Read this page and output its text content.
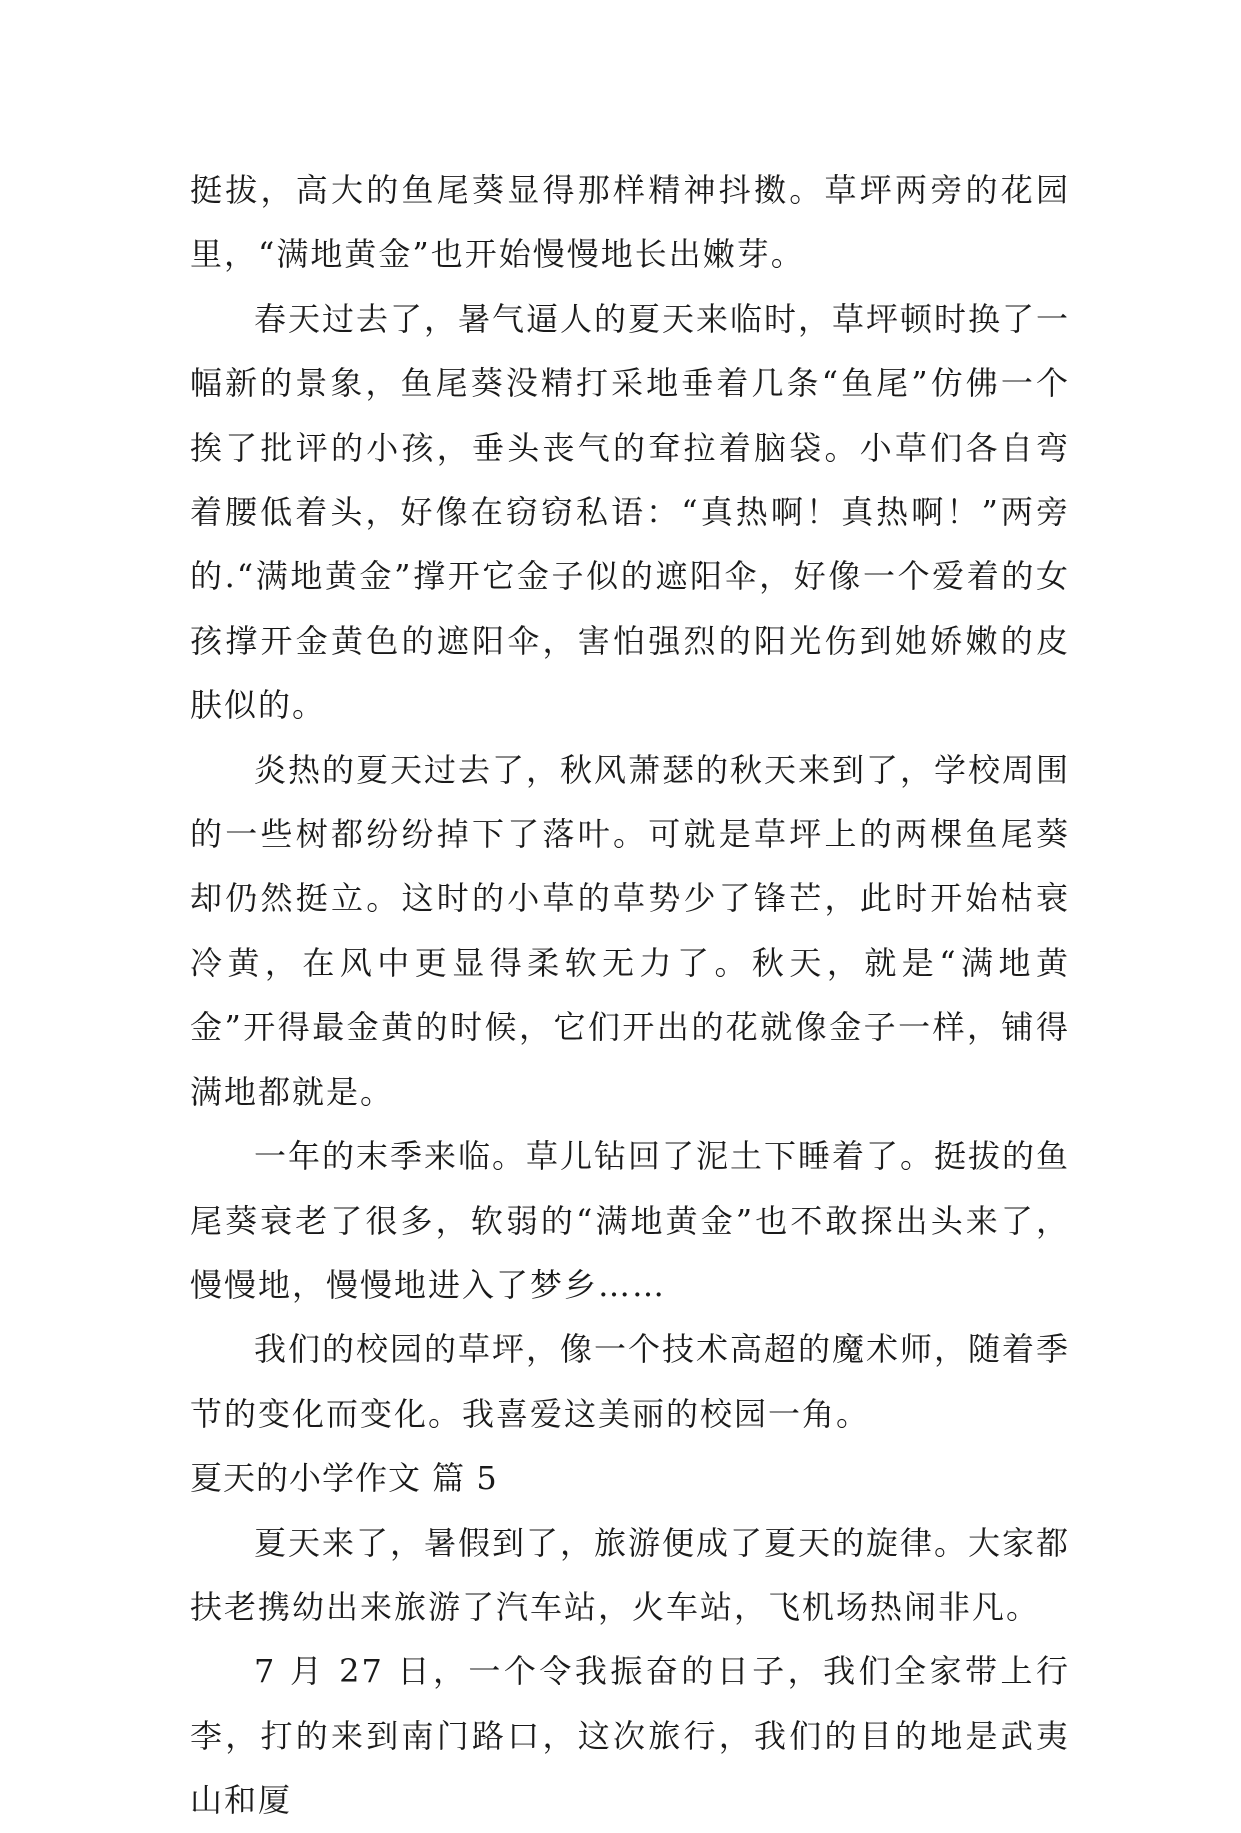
挺拔，高大的鱼尾葵显得那样精神抖擞。草坪两旁的花园里，“满地黄金”也开始慢慢地长出嫩芽。

春天过去了，暑气逼人的夏天来临时，草坪顿时换了一幅新的景象，鱼尾葵没精打采地垂着几条“鱼尾”仿佛一个挨了批评的小孩，垂头丧气的耷拉着脑袋。小草们各自弯着腰低着头，好像在窃窃私语：“真热啊！真热啊！”两旁的.“满地黄金”撑开它金子似的遮阳伞，好像一个爱着的女孩撑开金黄色的遮阳伞，害怕强烈的阳光伤到她娇嫩的皮肤似的。

炎热的夏天过去了，秋风萧瑟的秋天来到了，学校周围的一些树都纷纷掉下了落叶。可就是草坪上的两棵鱼尾葵却仍然挺立。这时的小草的草势少了锋芒，此时开始枯衰冷黄，在风中更显得柔软无力了。秋天，就是“满地黄金”开得最金黄的时候，它们开出的花就像金子一样，铺得满地都就是。

一年的末季来临。草儿钻回了泥土下睡着了。挺拔的鱼尾葵衰老了很多，软弱的“满地黄金”也不敢探出头来了，慢慢地，慢慢地进入了梦乡……

我们的校园的草坪，像一个技术高超的魔术师，随着季节的变化而变化。我喜爱这美丽的校园一角。

夏天的小学作文 篇 5

夏天来了，暑假到了，旅游便成了夏天的旋律。大家都扶老携幼出来旅游了汽车站，火车站，飞机场热闹非凡。

7 月 27 日，一个令我振奋的日子，我们全家带上行李，打的来到南门路口，这次旅行，我们的目的地是武夷山和厦
